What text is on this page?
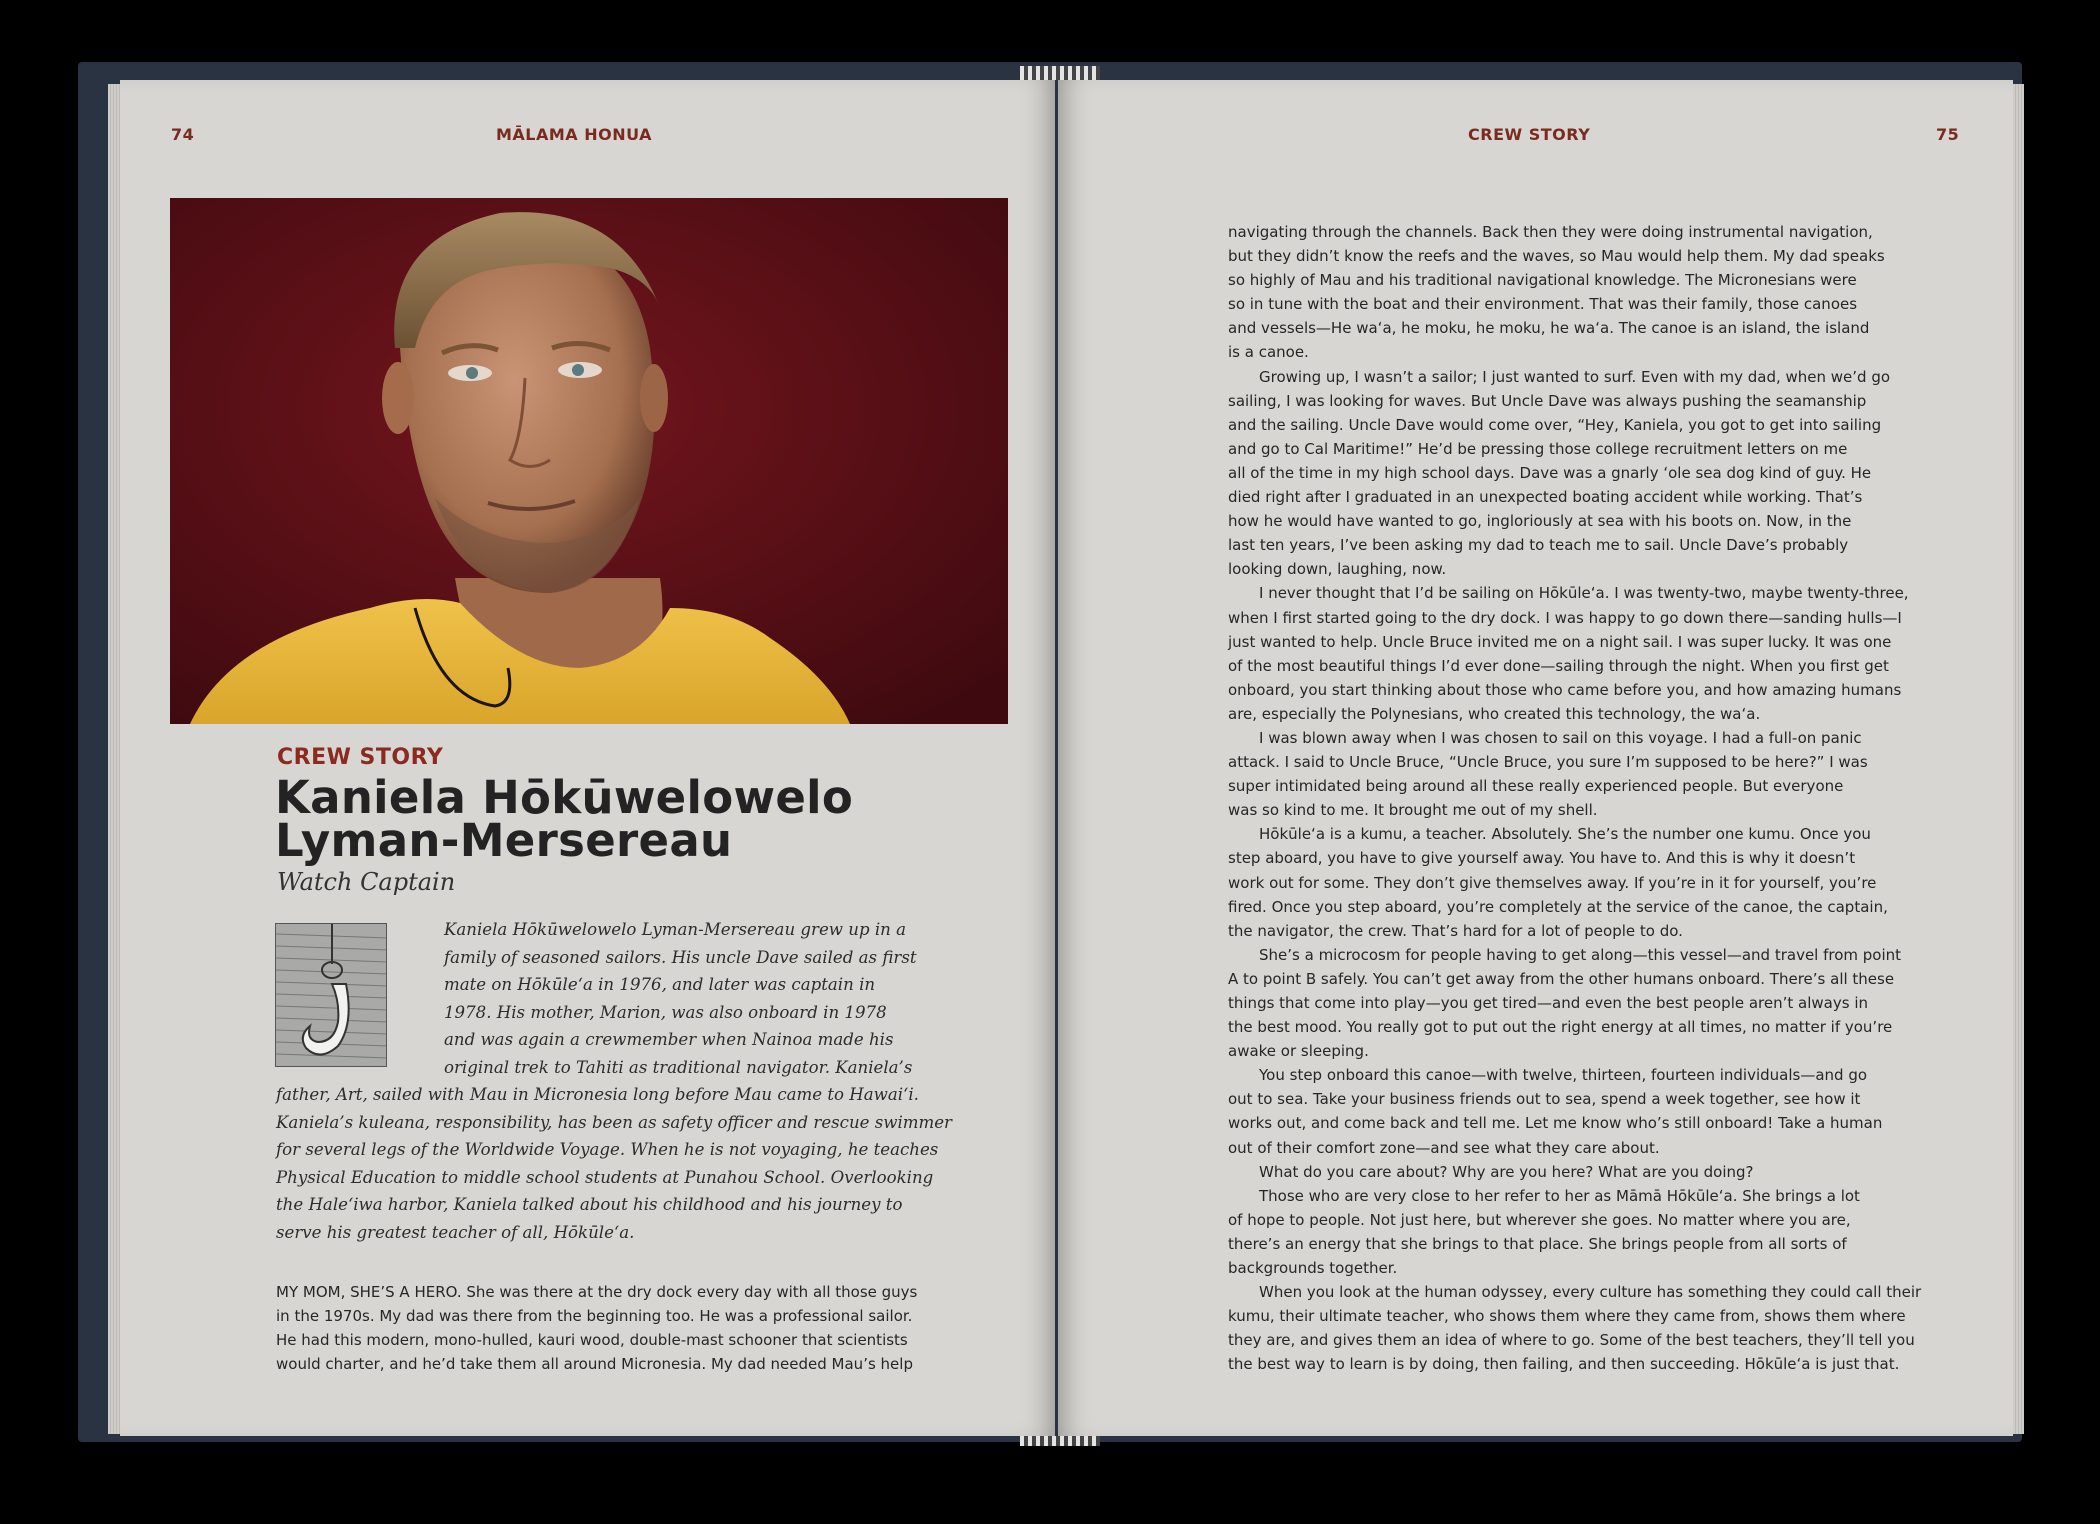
74	MĀLAMA HONUA
CREW STORY
Kaniela Hōkūwelowelo
Lyman-Mersereau
Watch Captain
Kaniela Hōkūwelowelo Lyman-Mersereau grew up in a
family of seasoned sailors. His uncle Dave sailed as first
mate on Hōkūleʻa in 1976, and later was captain in
1978. His mother, Marion, was also onboard in 1978
and was again a crewmember when Nainoa made his
original trek to Tahiti as traditional navigator. Kaniela’s
father, Art, sailed with Mau in Micronesia long before Mau came to Hawaiʻi.
Kaniela’s kuleana, responsibility, has been as safety officer and rescue swimmer
for several legs of the Worldwide Voyage. When he is not voyaging, he teaches
Physical Education to middle school students at Punahou School. Overlooking
the Haleʻiwa harbor, Kaniela talked about his childhood and his journey to
serve his greatest teacher of all, Hōkūleʻa.
MY MOM, SHE’S A HERO. She was there at the dry dock every day with all those guys
in the 1970s. My dad was there from the beginning too. He was a professional sailor.
He had this modern, mono-hulled, kauri wood, double-mast schooner that scientists
would charter, and he’d take them all around Micronesia. My dad needed Mau’s help
CREW STORY	75
navigating through the channels. Back then they were doing instrumental navigation,
but they didn’t know the reefs and the waves, so Mau would help them. My dad speaks
so highly of Mau and his traditional navigational knowledge. The Micronesians were
so in tune with the boat and their environment. That was their family, those canoes
and vessels—He waʻa, he moku, he moku, he waʻa. The canoe is an island, the island
is a canoe.
Growing up, I wasn’t a sailor; I just wanted to surf. Even with my dad, when we’d go
sailing, I was looking for waves. But Uncle Dave was always pushing the seamanship
and the sailing. Uncle Dave would come over, “Hey, Kaniela, you got to get into sailing
and go to Cal Maritime!” He’d be pressing those college recruitment letters on me
all of the time in my high school days. Dave was a gnarly ʻole sea dog kind of guy. He
died right after I graduated in an unexpected boating accident while working. That’s
how he would have wanted to go, ingloriously at sea with his boots on. Now, in the
last ten years, I’ve been asking my dad to teach me to sail. Uncle Dave’s probably
looking down, laughing, now.
I never thought that I’d be sailing on Hōkūleʻa. I was twenty-two, maybe twenty-three,
when I first started going to the dry dock. I was happy to go down there—sanding hulls—I
just wanted to help. Uncle Bruce invited me on a night sail. I was super lucky. It was one
of the most beautiful things I’d ever done—sailing through the night. When you first get
onboard, you start thinking about those who came before you, and how amazing humans
are, especially the Polynesians, who created this technology, the waʻa.
I was blown away when I was chosen to sail on this voyage. I had a full-on panic
attack. I said to Uncle Bruce, “Uncle Bruce, you sure I’m supposed to be here?” I was
super intimidated being around all these really experienced people. But everyone
was so kind to me. It brought me out of my shell.
Hōkūleʻa is a kumu, a teacher. Absolutely. She’s the number one kumu. Once you
step aboard, you have to give yourself away. You have to. And this is why it doesn’t
work out for some. They don’t give themselves away. If you’re in it for yourself, you’re
fired. Once you step aboard, you’re completely at the service of the canoe, the captain,
the navigator, the crew. That’s hard for a lot of people to do.
She’s a microcosm for people having to get along—this vessel—and travel from point
A to point B safely. You can’t get away from the other humans onboard. There’s all these
things that come into play—you get tired—and even the best people aren’t always in
the best mood. You really got to put out the right energy at all times, no matter if you’re
awake or sleeping.
You step onboard this canoe—with twelve, thirteen, fourteen individuals—and go
out to sea. Take your business friends out to sea, spend a week together, see how it
works out, and come back and tell me. Let me know who’s still onboard! Take a human
out of their comfort zone—and see what they care about.
What do you care about? Why are you here? What are you doing?
Those who are very close to her refer to her as Māmā Hōkūleʻa. She brings a lot
of hope to people. Not just here, but wherever she goes. No matter where you are,
there’s an energy that she brings to that place. She brings people from all sorts of
backgrounds together.
When you look at the human odyssey, every culture has something they could call their
kumu, their ultimate teacher, who shows them where they came from, shows them where
they are, and gives them an idea of where to go. Some of the best teachers, they’ll tell you
the best way to learn is by doing, then failing, and then succeeding. Hōkūleʻa is just that.
